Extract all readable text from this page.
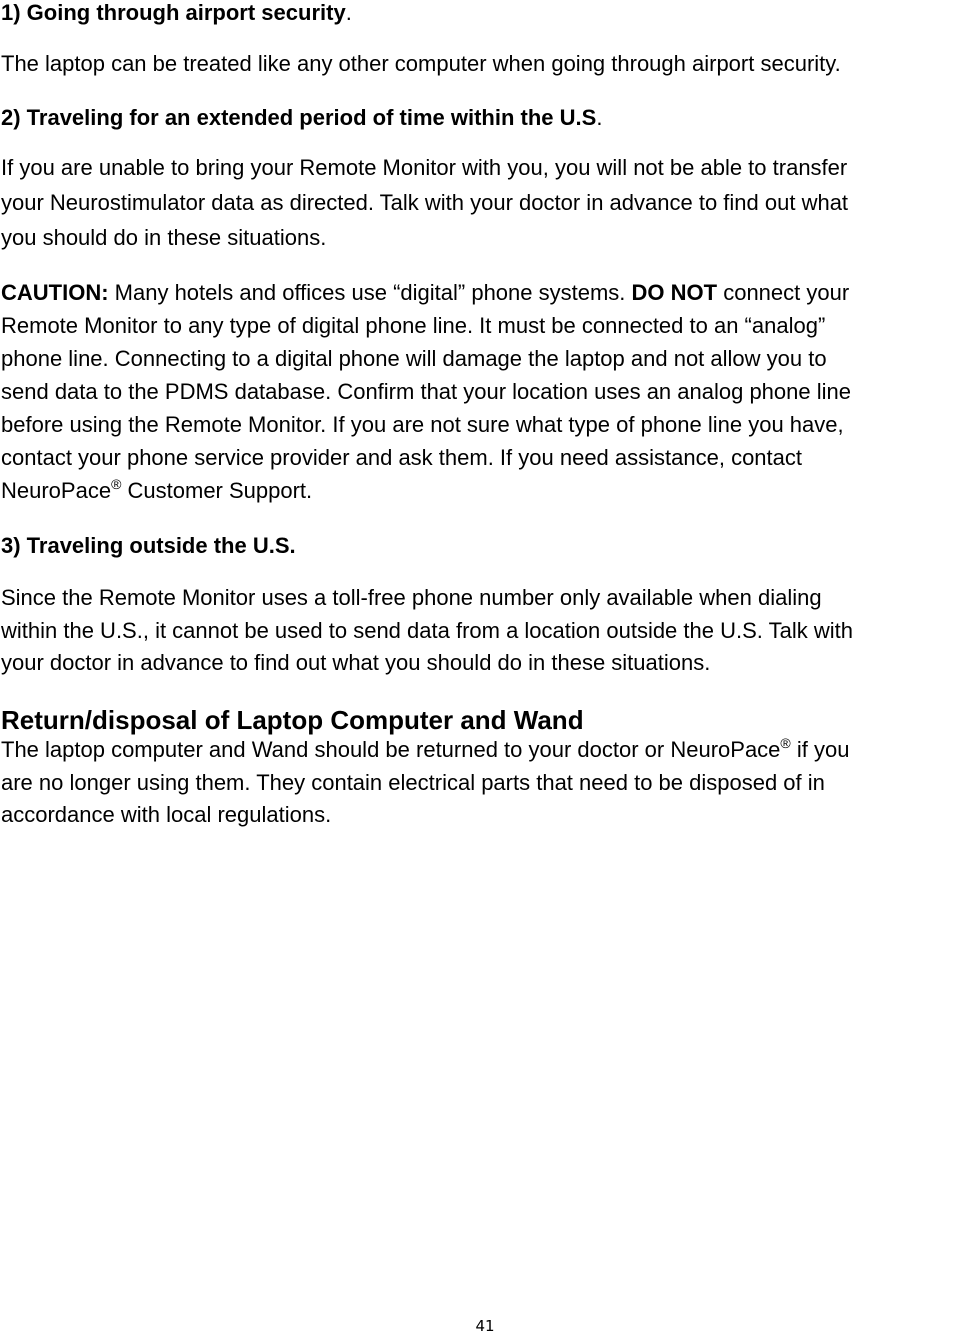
1) Going through airport security.
The laptop can be treated like any other computer when going through airport security.
2) Traveling for an extended period of time within the U.S.
If you are unable to bring your Remote Monitor with you, you will not be able to transfer
your Neurostimulator data as directed. Talk with your doctor in advance to find out what
you should do in these situations.
CAUTION: Many hotels and offices use “digital” phone systems. DO NOT connect your
Remote Monitor to any type of digital phone line. It must be connected to an “analog”
phone line. Connecting to a digital phone will damage the laptop and not allow you to
send data to the PDMS database. Confirm that your location uses an analog phone line
before using the Remote Monitor. If you are not sure what type of phone line you have,
contact your phone service provider and ask them. If you need assistance, contact
NeuroPace® Customer Support.
3) Traveling outside the U.S.
Since the Remote Monitor uses a toll-free phone number only available when dialing
within the U.S., it cannot be used to send data from a location outside the U.S. Talk with
your doctor in advance to find out what you should do in these situations.
Return/disposal of Laptop Computer and Wand
The laptop computer and Wand should be returned to your doctor or NeuroPace® if you
are no longer using them. They contain electrical parts that need to be disposed of in
accordance with local regulations.
41
